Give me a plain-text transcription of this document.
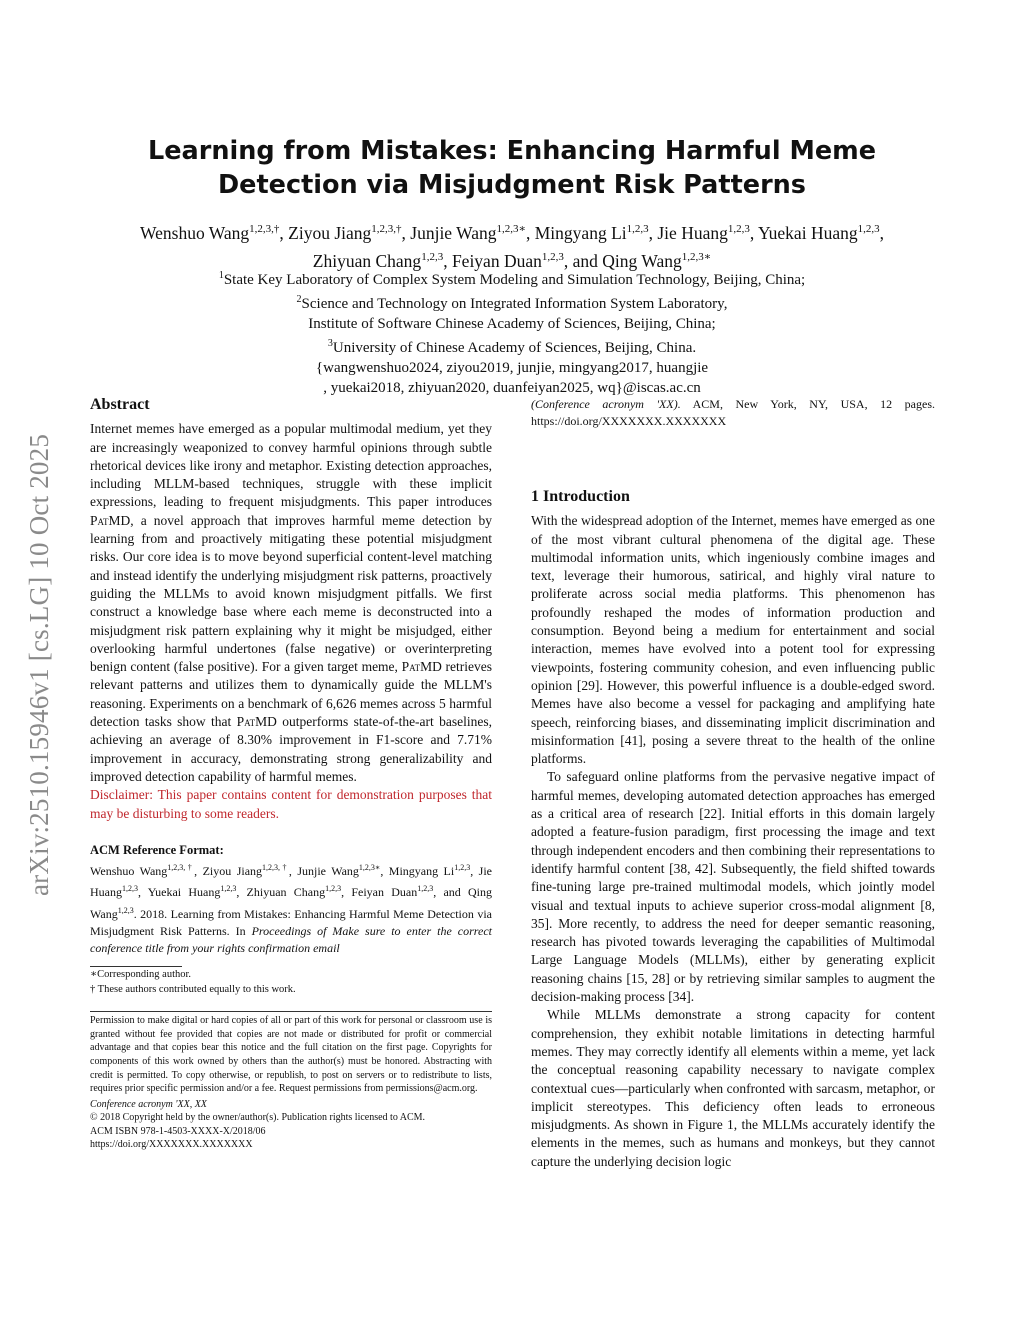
arXiv:2510.15946v1 [cs.LG] 10 Oct 2025
Learning from Mistakes: Enhancing Harmful Meme Detection via Misjudgment Risk Patterns
Wenshuo Wang$^{1,2,3,\dagger}$, Ziyou Jiang$^{1,2,3,\dagger}$, Junjie Wang$^{1,2,3∗}$, Mingyang Li$^{1,2,3}$, Jie Huang$^{1,2,3}$, Yuekai Huang$^{1,2,3}$, Zhiyuan Chang$^{1,2,3}$, Feiyan Duan$^{1,2,3}$, and Qing Wang$^{1,2,3∗}$
$^1$State Key Laboratory of Complex System Modeling and Simulation Technology, Beijing, China;
$^2$Science and Technology on Integrated Information System Laboratory,
Institute of Software Chinese Academy of Sciences, Beijing, China;
$^3$University of Chinese Academy of Sciences, Beijing, China.
{wangwenshuo2024, ziyou2019, junjie, mingyang2017, huangjie
, yuekai2018, zhiyuan2020, duanfeiyan2025, wq}@iscas.ac.cn
Abstract

Internet memes have emerged as a popular multimodal medium, yet they are increasingly weaponized to convey harmful opinions through subtle rhetorical devices like irony and metaphor. Existing detection approaches, including MLLM-based techniques, struggle with these implicit expressions, leading to frequent misjudgments. This paper introduces PatMD, a novel approach that improves harmful meme detection by learning from and proactively mitigating these potential misjudgment risks. Our core idea is to move beyond superficial content-level matching and instead identify the underlying misjudgment risk patterns, proactively guiding the MLLMs to avoid known misjudgment pitfalls. We first construct a knowledge base where each meme is deconstructed into a misjudgment risk pattern explaining why it might be misjudged, either overlooking harmful undertones (false negative) or overinterpreting benign content (false positive). For a given target meme, PatMD retrieves relevant patterns and utilizes them to dynamically guide the MLLM's reasoning. Experiments on a benchmark of 6,626 memes across 5 harmful detection tasks show that PatMD outperforms state-of-the-art baselines, achieving an average of 8.30% improvement in F1-score and 7.71% improvement in accuracy, demonstrating strong generalizability and improved detection capability of harmful memes.

Disclaimer: This paper contains content for demonstration purposes that may be disturbing to some readers.

ACM Reference Format:

Wenshuo Wang$^{1,2,3,\dagger}$, Ziyou Jiang$^{1,2,3,\dagger}$, Junjie Wang$^{1,2,3∗}$, Mingyang Li$^{1,2,3}$, Jie Huang$^{1,2,3}$, Yuekai Huang$^{1,2,3}$, Zhiyuan Chang$^{1,2,3}$, Feiyan Duan$^{1,2,3}$, and Qing Wang$^{1,2,3}$. 2018. Learning from Mistakes: Enhancing Harmful Meme Detection via Misjudgment Risk Patterns. In Proceedings of Make sure to enter the correct conference title from your rights confirmation email

∗Corresponding author.
† These authors contributed equally to this work.

Permission to make digital or hard copies of all or part of this work for personal or classroom use is granted without fee provided that copies are not made or distributed for profit or commercial advantage and that copies bear this notice and the full citation on the first page. Copyrights for components of this work owned by others than the author(s) must be honored. Abstracting with credit is permitted. To copy otherwise, or republish, to post on servers or to redistribute to lists, requires prior specific permission and/or a fee. Request permissions from permissions@acm.org.

Conference acronym 'XX, XX
© 2018 Copyright held by the owner/author(s). Publication rights licensed to ACM.
ACM ISBN 978-1-4503-XXXX-X/2018/06
https://doi.org/XXXXXXX.XXXXXXX
(Conference acronym 'XX). ACM, New York, NY, USA, 12 pages. https://doi.org/XXXXXXX.XXXXXXX
1 Introduction

With the widespread adoption of the Internet, memes have emerged as one of the most vibrant cultural phenomena of the digital age. These multimodal information units, which ingeniously combine images and text, leverage their humorous, satirical, and highly viral nature to proliferate across social media platforms. This phenomenon has profoundly reshaped the modes of information production and consumption. Beyond being a medium for entertainment and social interaction, memes have evolved into a potent tool for expressing viewpoints, fostering community cohesion, and even influencing public opinion [29]. However, this powerful influence is a double-edged sword. Memes have also become a vessel for packaging and amplifying hate speech, reinforcing biases, and disseminating implicit discrimination and misinformation [41], posing a severe threat to the health of the online platforms.

To safeguard online platforms from the pervasive negative impact of harmful memes, developing automated detection approaches has emerged as a critical area of research [22]. Initial efforts in this domain largely adopted a feature-fusion paradigm, first processing the image and text through independent encoders and then combining their representations to identify harmful content [38, 42]. Subsequently, the field shifted towards fine-tuning large pre-trained multimodal models, which jointly model visual and textual inputs to achieve superior cross-modal alignment [8, 35]. More recently, to address the need for deeper semantic reasoning, research has pivoted towards leveraging the capabilities of Multimodal Large Language Models (MLLMs), either by generating explicit reasoning chains [15, 28] or by retrieving similar samples to augment the decision-making process [34].

While MLLMs demonstrate a strong capacity for content comprehension, they exhibit notable limitations in detecting harmful memes. They may correctly identify all elements within a meme, yet lack the conceptual reasoning capability necessary to navigate complex contextual cues—particularly when confronted with sarcasm, metaphor, or implicit stereotypes. This deficiency often leads to erroneous misjudgments. As shown in Figure 1, the MLLMs accurately identify the elements in the memes, such as humans and monkeys, but they cannot capture the underlying decision logic
